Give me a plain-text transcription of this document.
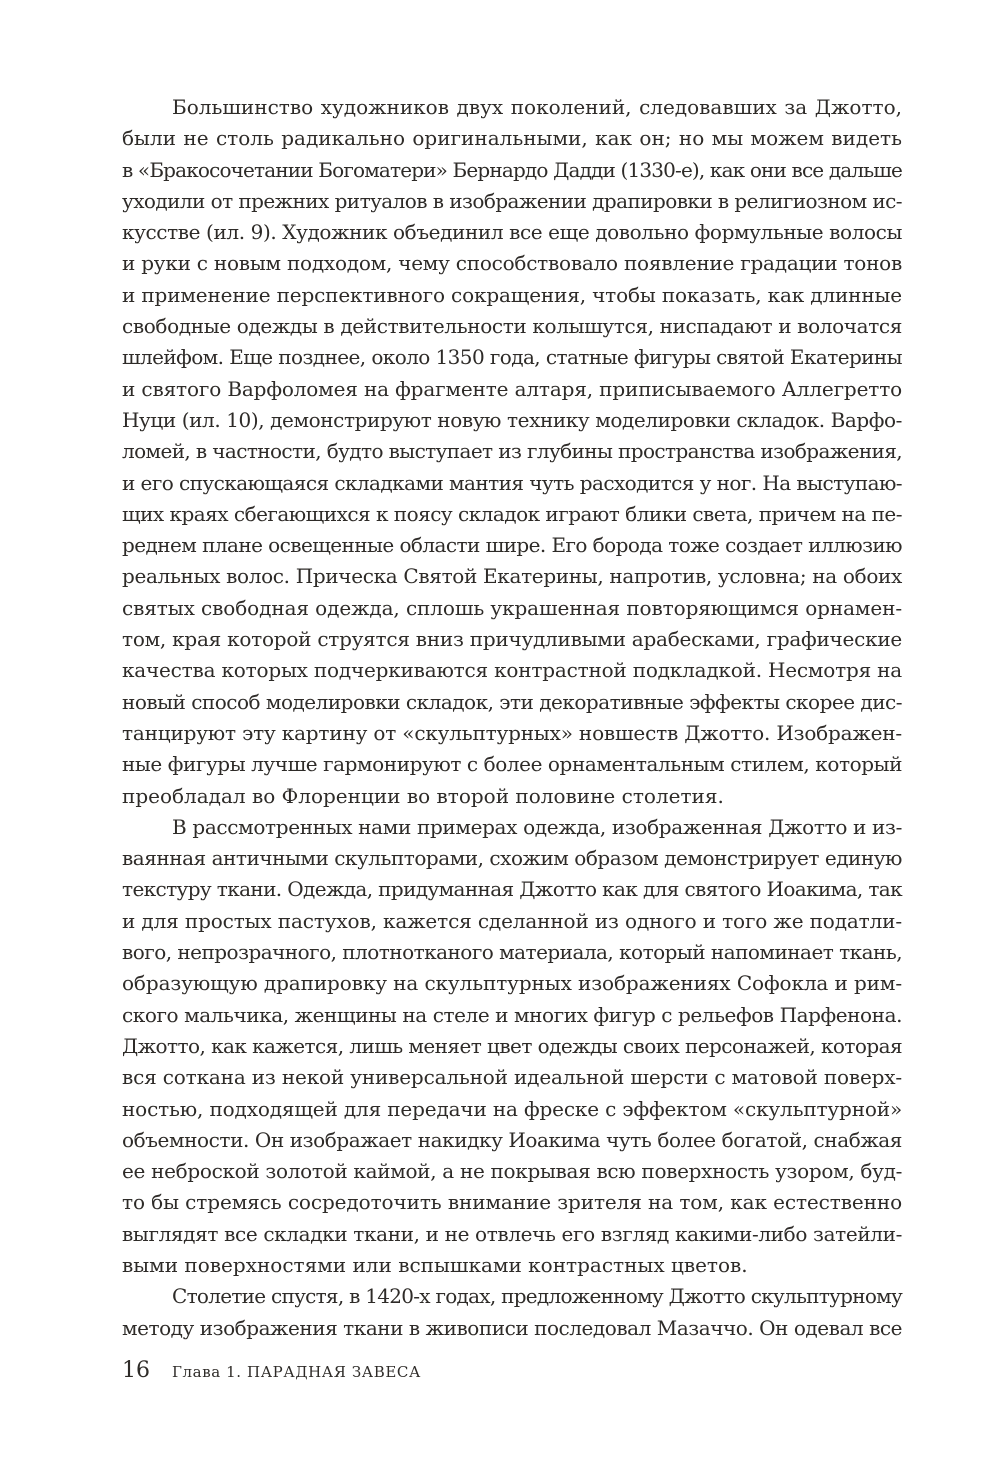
Большинство художников двух поколений, следовавших за Джотто,
были не столь радикально оригинальными, как он; но мы можем видеть
в «Бракосочетании Богоматери» Бернардо Дадди (1330-е), как они все дальше
уходили от прежних ритуалов в изображении драпировки в религиозном ис-
кусстве (ил. 9). Художник объединил все еще довольно формульные волосы
и руки с новым подходом, чему способствовало появление градации тонов
и применение перспективного сокращения, чтобы показать, как длинные
свободные одежды в действительности колышутся, ниспадают и волочатся
шлейфом. Еще позднее, около 1350 года, статные фигуры святой Екатерины
и святого Варфоломея на фрагменте алтаря, приписываемого Аллегретто
Нуци (ил. 10), демонстрируют новую технику моделировки складок. Варфо-
ломей, в частности, будто выступает из глубины пространства изображения,
и его спускающаяся складками мантия чуть расходится у ног. На выступаю-
щих краях сбегающихся к поясу складок играют блики света, причем на пе-
реднем плане освещенные области шире. Его борода тоже создает иллюзию
реальных волос. Прическа Святой Екатерины, напротив, условна; на обоих
святых свободная одежда, сплошь украшенная повторяющимся орнамен-
том, края которой струятся вниз причудливыми арабесками, графические
качества которых подчеркиваются контрастной подкладкой. Несмотря на
новый способ моделировки складок, эти декоративные эффекты скорее дис-
танцируют эту картину от «скульптурных» новшеств Джотто. Изображен-
ные фигуры лучше гармонируют с более орнаментальным стилем, который
преобладал во Флоренции во второй половине столетия.
В рассмотренных нами примерах одежда, изображенная Джотто и из-
ваянная античными скульпторами, схожим образом демонстрирует единую
текстуру ткани. Одежда, придуманная Джотто как для святого Иоакима, так
и для простых пастухов, кажется сделанной из одного и того же податли-
вого, непрозрачного, плотнотканого материала, который напоминает ткань,
образующую драпировку на скульптурных изображениях Софокла и рим-
ского мальчика, женщины на стеле и многих фигур с рельефов Парфенона.
Джотто, как кажется, лишь меняет цвет одежды своих персонажей, которая
вся соткана из некой универсальной идеальной шерсти с матовой поверх-
ностью, подходящей для передачи на фреске с эффектом «скульптурной»
объемности. Он изображает накидку Иоакима чуть более богатой, снабжая
ее неброской золотой каймой, а не покрывая всю поверхность узором, буд-
то бы стремясь сосредоточить внимание зрителя на том, как естественно
выглядят все складки ткани, и не отвлечь его взгляд какими-либо затейли-
выми поверхностями или вспышками контрастных цветов.
Столетие спустя, в 1420-х годах, предложенному Джотто скульптурному
методу изображения ткани в живописи последовал Мазаччо. Он одевал все
16 Глава 1. ПАРАДНАЯ ЗАВЕСА
